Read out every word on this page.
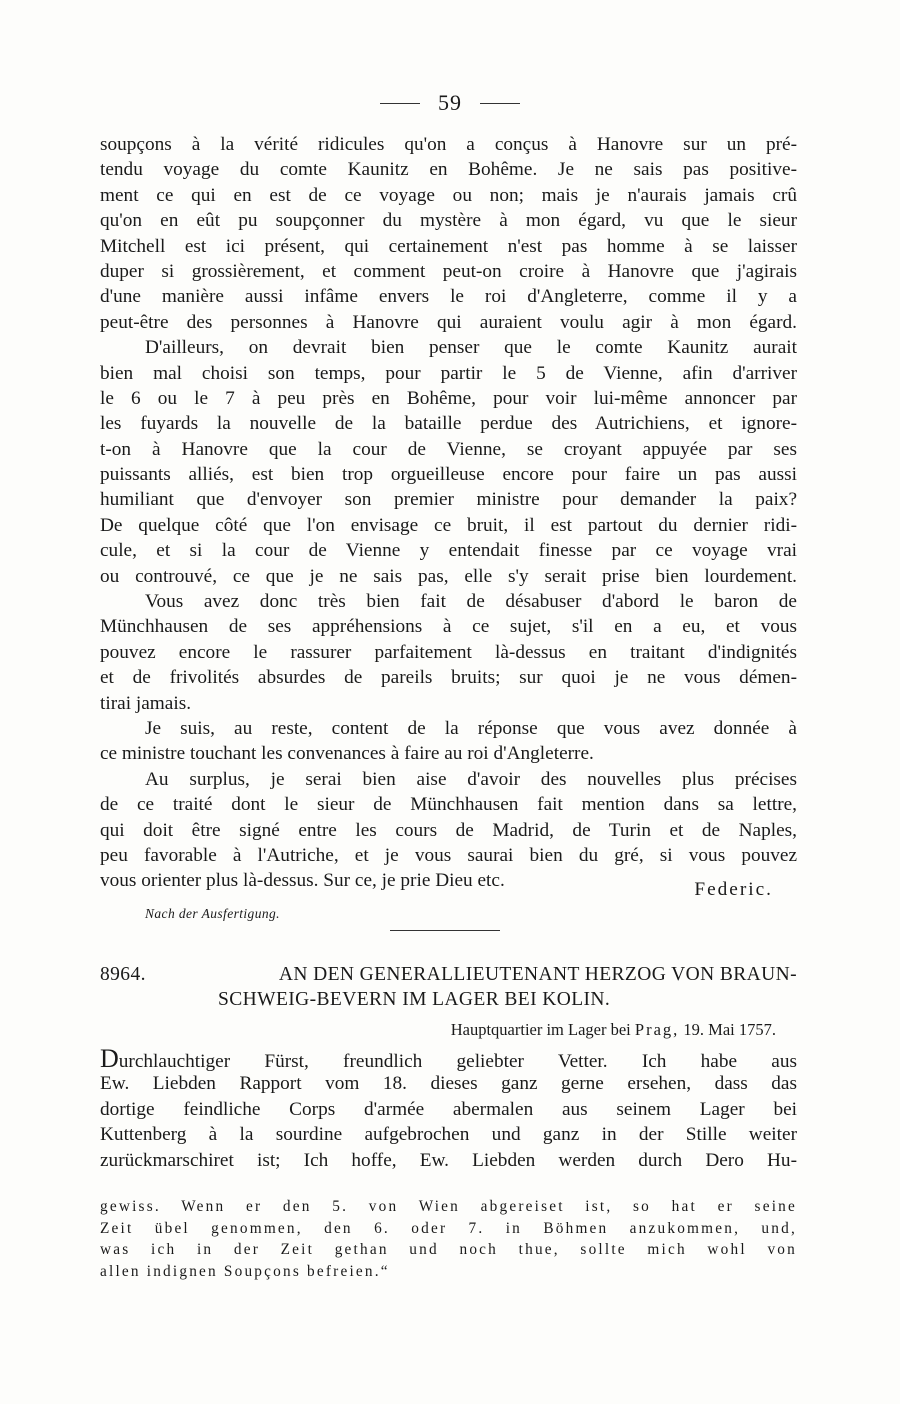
59
soupçons à la vérité ridicules qu'on a conçus à Hanovre sur un pré-
tendu voyage du comte Kaunitz en Bohême. Je ne sais pas positive-
ment ce qui en est de ce voyage ou non; mais je n'aurais jamais crû
qu'on en eût pu soupçonner du mystère à mon égard, vu que le sieur
Mitchell est ici présent, qui certainement n'est pas homme à se laisser
duper si grossièrement, et comment peut-on croire à Hanovre que j'agirais
d'une manière aussi infâme envers le roi d'Angleterre, comme il y a
peut-être des personnes à Hanovre qui auraient voulu agir à mon égard.
D'ailleurs, on devrait bien penser que le comte Kaunitz aurait
bien mal choisi son temps, pour partir le 5 de Vienne, afin d'arriver
le 6 ou le 7 à peu près en Bohême, pour voir lui-même annoncer par
les fuyards la nouvelle de la bataille perdue des Autrichiens, et ignore-
t-on à Hanovre que la cour de Vienne, se croyant appuyée par ses
puissants alliés, est bien trop orgueilleuse encore pour faire un pas aussi
humiliant que d'envoyer son premier ministre pour demander la paix?
De quelque côté que l'on envisage ce bruit, il est partout du dernier ridi-
cule, et si la cour de Vienne y entendait finesse par ce voyage vrai
ou controuvé, ce que je ne sais pas, elle s'y serait prise bien lourdement.
Vous avez donc très bien fait de désabuser d'abord le baron de
Münchhausen de ses appréhensions à ce sujet, s'il en a eu, et vous
pouvez encore le rassurer parfaitement là-dessus en traitant d'indignités
et de frivolités absurdes de pareils bruits; sur quoi je ne vous démen-
tirai jamais.
Je suis, au reste, content de la réponse que vous avez donnée à
ce ministre touchant les convenances à faire au roi d'Angleterre.
Au surplus, je serai bien aise d'avoir des nouvelles plus précises
de ce traité dont le sieur de Münchhausen fait mention dans sa lettre,
qui doit être signé entre les cours de Madrid, de Turin et de Naples,
peu favorable à l'Autriche, et je vous saurai bien du gré, si vous pouvez
vous orienter plus là-dessus. Sur ce, je prie Dieu etc.	Federic.
Nach der Ausfertigung.
8964.	AN DEN GENERALLIEUTENANT HERZOG VON BRAUN-
SCHWEIG-BEVERN IM LAGER BEI KOLIN.
Hauptquartier im Lager bei Prag, 19. Mai 1757.
Durchlauchtiger Fürst, freundlich geliebter Vetter. Ich habe aus
Ew. Liebden Rapport vom 18. dieses ganz gerne ersehen, dass das
dortige feindliche Corps d'armée abermalen aus seinem Lager bei
Kuttenberg à la sourdine aufgebrochen und ganz in der Stille weiter
zurückmarschiret ist; Ich hoffe, Ew. Liebden werden durch Dero Hu-
gewiss. Wenn er den 5. von Wien abgereiset ist, so hat er seine
Zeit übel genommen, den 6. oder 7. in Böhmen anzukommen, und,
was ich in der Zeit gethan und noch thue, sollte mich wohl von
allen indignen Soupçons befreien.“
